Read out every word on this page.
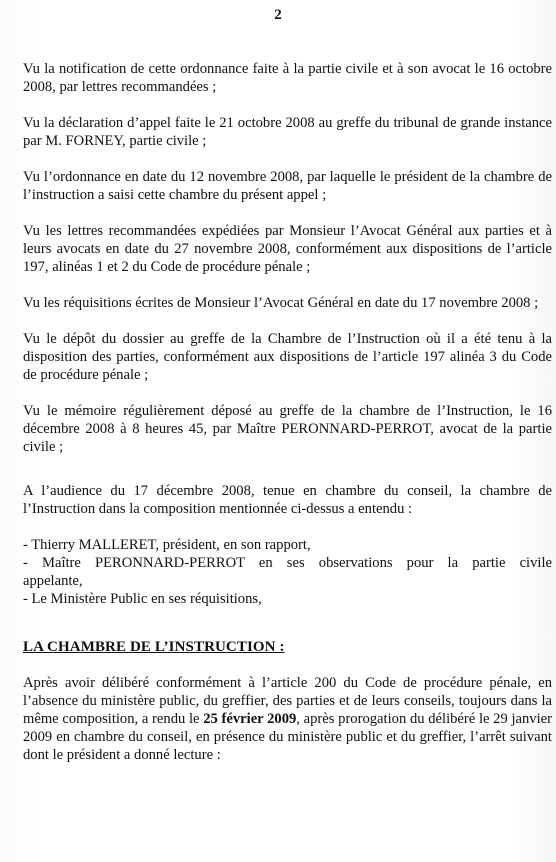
2

Vu la notification de cette ordonnance faite à la partie civile et à son avocat le 16 octobre 2008, par lettres recommandées ;

Vu la déclaration d’appel faite le 21 octobre 2008 au greffe du tribunal de grande instance par M. FORNEY, partie civile ;

Vu l’ordonnance en date du 12 novembre 2008, par laquelle le président de la chambre de l’instruction a saisi cette chambre du présent appel ;

Vu les lettres recommandées expédiées par Monsieur l’Avocat Général aux parties et à leurs avocats en date du 27 novembre 2008, conformément aux dispositions de l’article 197, alinéas 1 et 2 du Code de procédure pénale ;

Vu les réquisitions écrites de Monsieur l’Avocat Général en date du 17 novembre 2008 ;

Vu le dépôt du dossier au greffe de la Chambre de l’Instruction où il a été tenu à la disposition des parties, conformément aux dispositions de l’article 197 alinéa 3 du Code de procédure pénale ;

Vu le mémoire régulièrement déposé au greffe de la chambre de l’Instruction, le 16 décembre 2008 à 8 heures 45, par Maître PERONNARD-PERROT, avocat de la partie civile ;

A l’audience du 17 décembre 2008, tenue en chambre du conseil, la chambre de l’Instruction dans la composition mentionnée ci-dessus a entendu :

- Thierry MALLERET, président, en son rapport,

- Maître PERONNARD-PERROT en ses observations pour la partie civile

appelante,

- Le Ministère Public en ses réquisitions,

LA CHAMBRE DE L’INSTRUCTION :

Après avoir délibéré conformément à l’article 200 du Code de procédure pénale, en l’absence du ministère public, du greffier, des parties et de leurs conseils, toujours dans la même composition, a rendu le 25 février 2009, après prorogation du délibéré le 29 janvier 2009 en chambre du conseil, en présence du ministère public et du greffier, l’arrêt suivant dont le président a donné lecture :
